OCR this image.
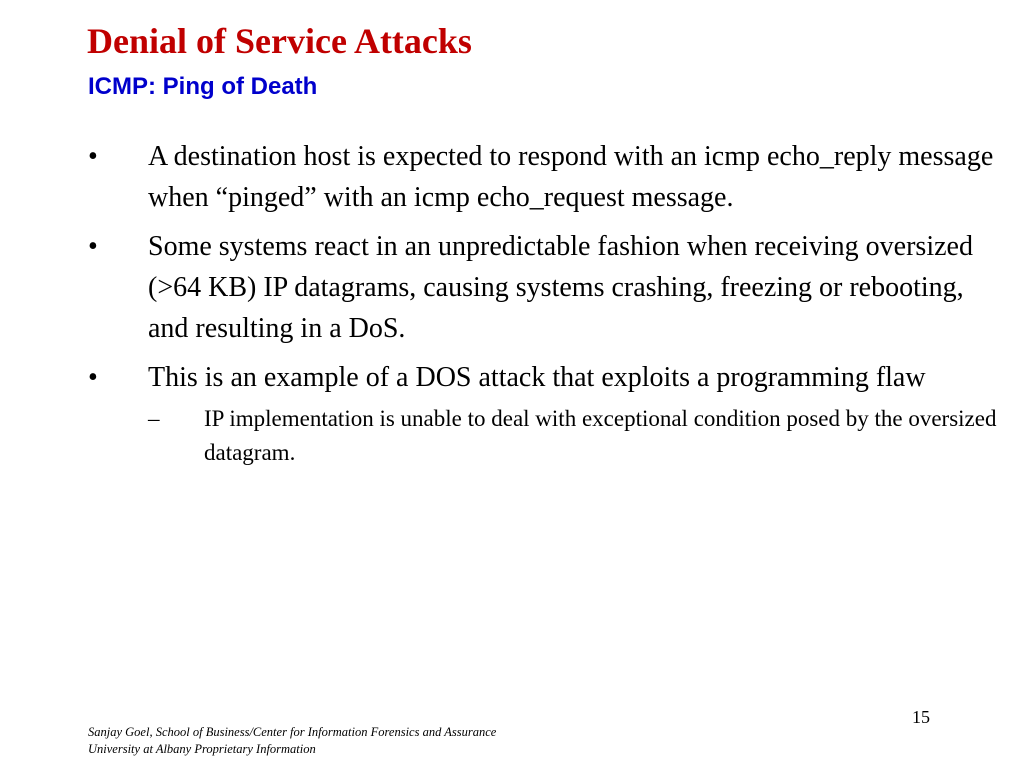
Denial of Service Attacks
ICMP: Ping of Death
•	A destination host is expected to respond with an icmp echo_reply message when “pinged” with an icmp echo_request message.
•	Some systems react in an unpredictable fashion when receiving oversized (>64 KB) IP datagrams, causing systems crashing, freezing or rebooting, and resulting in a DoS.
•	This is an example of a DOS attack that exploits a programming flaw
– IP implementation is unable to deal with exceptional condition posed by the oversized datagram.
15
Sanjay Goel, School of Business/Center for Information Forensics and Assurance
University at Albany Proprietary Information
